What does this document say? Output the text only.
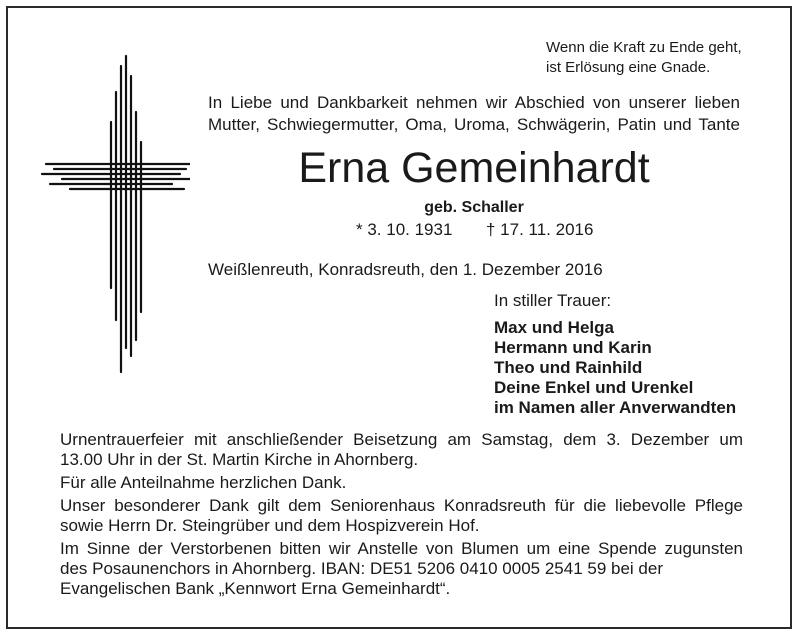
Wenn die Kraft zu Ende geht,
ist Erlösung eine Gnade.
In Liebe und Dankbarkeit nehmen wir Abschied von unserer lieben
Mutter, Schwiegermutter, Oma, Uroma, Schwägerin, Patin und Tante
Erna Gemeinhardt
geb. Schaller
* 3. 10. 1931 † 17. 11. 2016
Weißlenreuth, Konradsreuth, den 1. Dezember 2016
In stiller Trauer:
Max und Helga
Hermann und Karin
Theo und Rainhild
Deine Enkel und Urenkel
im Namen aller Anverwandten

Urnentrauerfeier mit anschließender Beisetzung am Samstag, dem 3. Dezember um
13.00 Uhr in der St. Martin Kirche in Ahornberg.

Für alle Anteilnahme herzlichen Dank.

Unser besonderer Dank gilt dem Seniorenhaus Konradsreuth für die liebevolle Pflege
sowie Herrn Dr. Steingrüber und dem Hospizverein Hof.

Im Sinne der Verstorbenen bitten wir Anstelle von Blumen um eine Spende zugunsten
des Posaunenchors in Ahornberg. IBAN: DE51 5206 0410 0005 2541 59 bei der
Evangelischen Bank „Kennwort Erna Gemeinhardt“.
